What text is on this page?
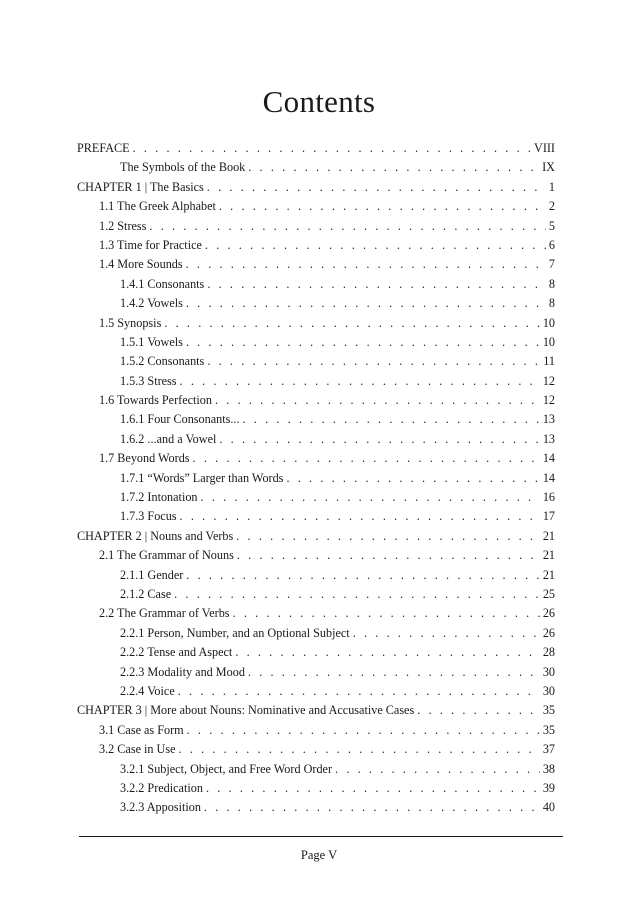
Contents
PREFACE . . .	VIII
The Symbols of the Book . . .	IX
CHAPTER 1 | The Basics . . .	1
1.1 The Greek Alphabet . . .	2
1.2 Stress . . .	5
1.3 Time for Practice . . .	6
1.4 More Sounds . . .	7
1.4.1 Consonants . . .	8
1.4.2 Vowels . . .	8
1.5 Synopsis . . .	10
1.5.1 Vowels . . .	10
1.5.2 Consonants . . .	11
1.5.3 Stress . . .	12
1.6 Towards Perfection . . .	12
1.6.1 Four Consonants... . . .	13
1.6.2 ...and a Vowel . . .	13
1.7 Beyond Words . . .	14
1.7.1 “Words” Larger than Words . . .	14
1.7.2 Intonation . . .	16
1.7.3 Focus . . .	17
CHAPTER 2 | Nouns and Verbs . . .	21
2.1 The Grammar of Nouns . . .	21
2.1.1 Gender . . .	21
2.1.2 Case . . .	25
2.2 The Grammar of Verbs . . .	26
2.2.1 Person, Number, and an Optional Subject . . .	26
2.2.2 Tense and Aspect . . .	28
2.2.3 Modality and Mood . . .	30
2.2.4 Voice . . .	30
CHAPTER 3 | More about Nouns: Nominative and Accusative Cases . . .	35
3.1 Case as Form . . .	35
3.2 Case in Use . . .	37
3.2.1 Subject, Object, and Free Word Order . . .	38
3.2.2 Predication . . .	39
3.2.3 Apposition . . .	40
Page V
